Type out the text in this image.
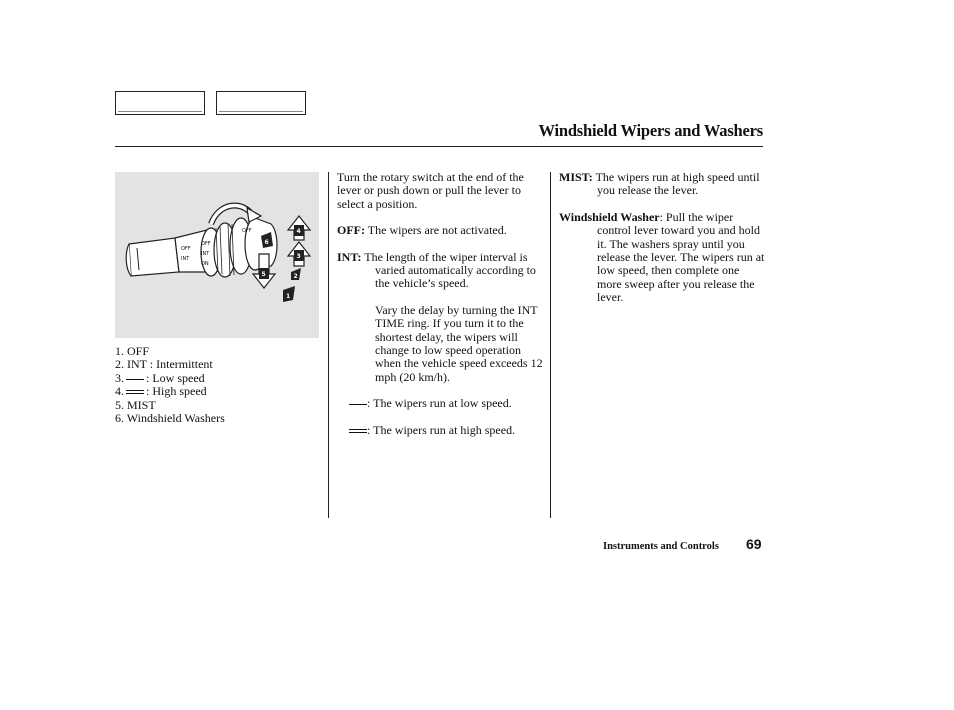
Windshield Wipers and Washers
OFF
INT
OFF
INT
ON
OFF	4
3
5	2
1
6
1. OFF
2. INT : Intermittent
3. : Low speed
4. : High speed
5. MIST
6. Windshield Washers

Turn the rotary switch at the end of the lever or push down or pull the lever to select a position.

OFF: The wipers are not activated.

INT: The length of the wiper interval is varied automatically according to the vehicle’s speed.

Vary the delay by turning the INT TIME ring. If you turn it to the shortest delay, the wipers will change to low speed operation when the vehicle speed exceeds 12 mph (20 km/h).

: The wipers run at low speed.

: The wipers run at high speed.

MIST: The wipers run at high speed until you release the lever.

Windshield Washer: Pull the wiper control lever toward you and hold it. The washers spray until you release the lever. The wipers run at low speed, then complete one more sweep after you release the lever.

Instruments and Controls 69
